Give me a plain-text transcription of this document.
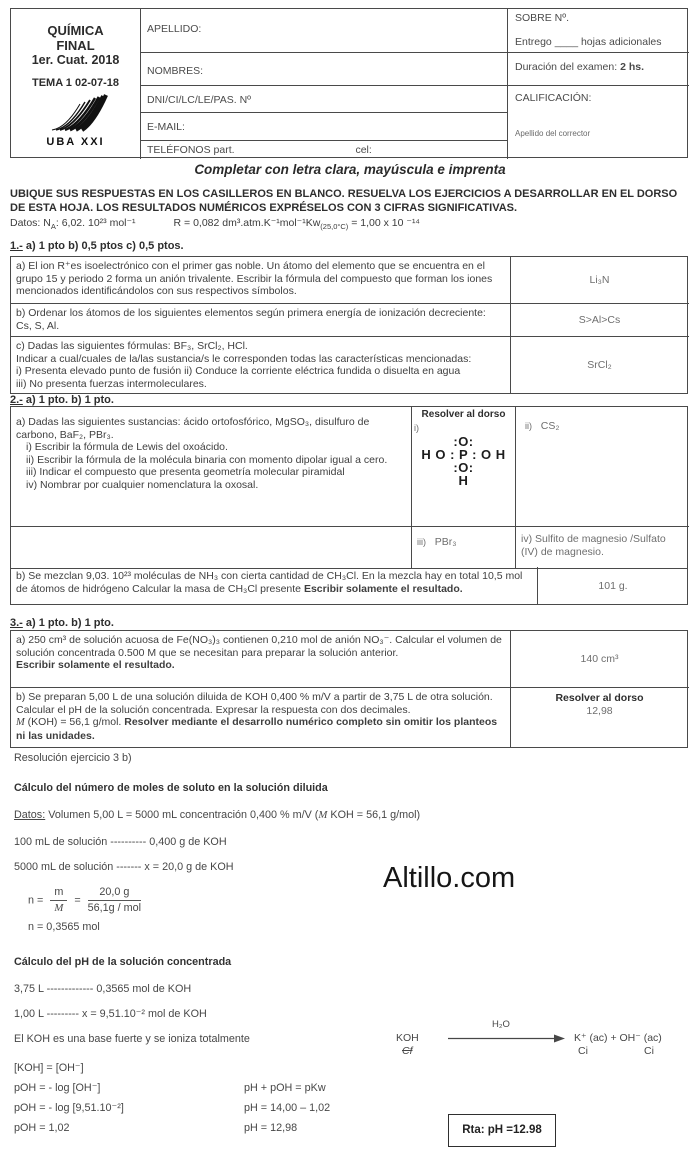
QUÍMICA
FINAL
1er. Cuat. 2018
TEMA 1 02-07-18
UBA XXI
APELLIDO:
NOMBRES:
DNI/CI/LC/LE/PAS. Nº
E-MAIL:
TELÉFONOS part.	cel:
SOBRE Nº.
Entrego ____ hojas adicionales
Duración del examen: 2 hs.
CALIFICACIÓN:
Apellido del corrector
Completar con letra clara, mayúscula e imprenta
UBIQUE SUS RESPUESTAS EN LOS CASILLEROS EN BLANCO. RESUELVA LOS EJERCICIOS A DESARROLLAR EN EL DORSO DE ESTA HOJA. LOS RESULTADOS NUMÉRICOS EXPRÉSELOS CON 3 CIFRAS SIGNIFICATIVAS.
Datos: $N_A$: 6,02. 10²³ mol⁻¹	R = 0,082 $dm^3.atm.K^{-1}mol^{-1}Kw_{(25,0^\circ C)} = 1,00$ x 10 ⁻¹⁴
1.- a) 1 pto b) 0,5 ptos c) 0,5 ptos.
a) El ion R⁺es isoelectrónico con el primer gas noble. Un átomo del elemento que se encuentra en el grupo 15 y periodo 2 forma un anión trivalente. Escribir la fórmula del compuesto que forman los iones mencionados identificándolos con sus respectivos símbolos.
Li₃N
b) Ordenar los átomos de los siguientes elementos según primera energía de ionización decreciente: Cs, S, Al.	S>Al>Cs
c) Dadas las siguientes fórmulas: BF₃, SrCl₂, HCl.
Indicar a cual/cuales de la/las sustancia/s le corresponden todas las características mencionadas:
i) Presenta elevado punto de fusión ii) Conduce la corriente eléctrica fundida o disuelta en agua
iii) No presenta fuerzas intermoleculares.
SrCl₂
2.- a) 1 pto. b) 1 pto.
a) Dadas las siguientes sustancias: ácido ortofosfórico, MgSO₃, disulfuro de carbono, BaF₂, PBr₃.
i) Escribir la fórmula de Lewis del oxoácido.
ii) Escribir la fórmula de la molécula binaria con momento dipolar igual a cero.
iii) Indicar el compuesto que presenta geometría molecular piramidal
iv) Nombrar por cualquier nomenclatura la oxosal.
Resolver al dorso
i)
:O:
H O : P : O H
:O:
H
ii) CS₂
iii) PBr₃	iv) Sulfito de magnesio /Sulfato (IV) de magnesio.
b) Se mezclan 9,03. 10²³ moléculas de NH₃ con cierta cantidad de CH₃Cl. En la mezcla hay en total 10,5 mol de átomos de hidrógeno Calcular la masa de CH₃Cl presente Escribir solamente el resultado.	101 g.
3.- a) 1 pto. b) 1 pto.
a) 250 cm³ de solución acuosa de Fe(NO₃)₃ contienen 0,210 mol de anión NO₃⁻. Calcular el volumen de solución concentrada 0.500 M que se necesitan para preparar la solución anterior.
Escribir solamente el resultado.	140 cm³
b) Se preparan 5,00 L de una solución diluida de KOH 0,400 % m/V a partir de 3,75 L de otra solución. Calcular el pH de la solución concentrada. Expresar la respuesta con dos decimales.
M (KOH) = 56,1 g/mol. Resolver mediante el desarrollo numérico completo sin omitir los planteos ni las unidades.
Resolver al dorso
12,98
Resolución ejercicio 3 b)
Cálculo del número de moles de soluto en la solución diluida
Datos: Volumen 5,00 L = 5000 mL concentración 0,400 % m/V (M KOH = 56,1 g/mol)
100 mL de solución ---------- 0,400 g de KOH
5000 mL de solución ------- x = 20,0 g de KOH
$n = \frac{m}{M} = \frac{20,0 g}{\text{56,1g / mol}}$
n = 0,3565 mol
Cálculo del pH de la solución concentrada
3,75 L ------------- 0,3565 mol de KOH
1,00 L --------- x = 9,51.10⁻² mol de KOH
El KOH es una base fuerte y se ioniza totalmente
H₂O
KOH
Cf
K⁺ (ac) + OH⁻ (ac)
Ci	Ci
[KOH] = [OH⁻]
pOH = - log [OH⁻]	pH + pOH = pKw
pOH = - log [9,51.10⁻²]	pH = 14,00 – 1,02
pOH = 1,02	pH = 12,98
Altillo.com
Rta: pH =12.98
